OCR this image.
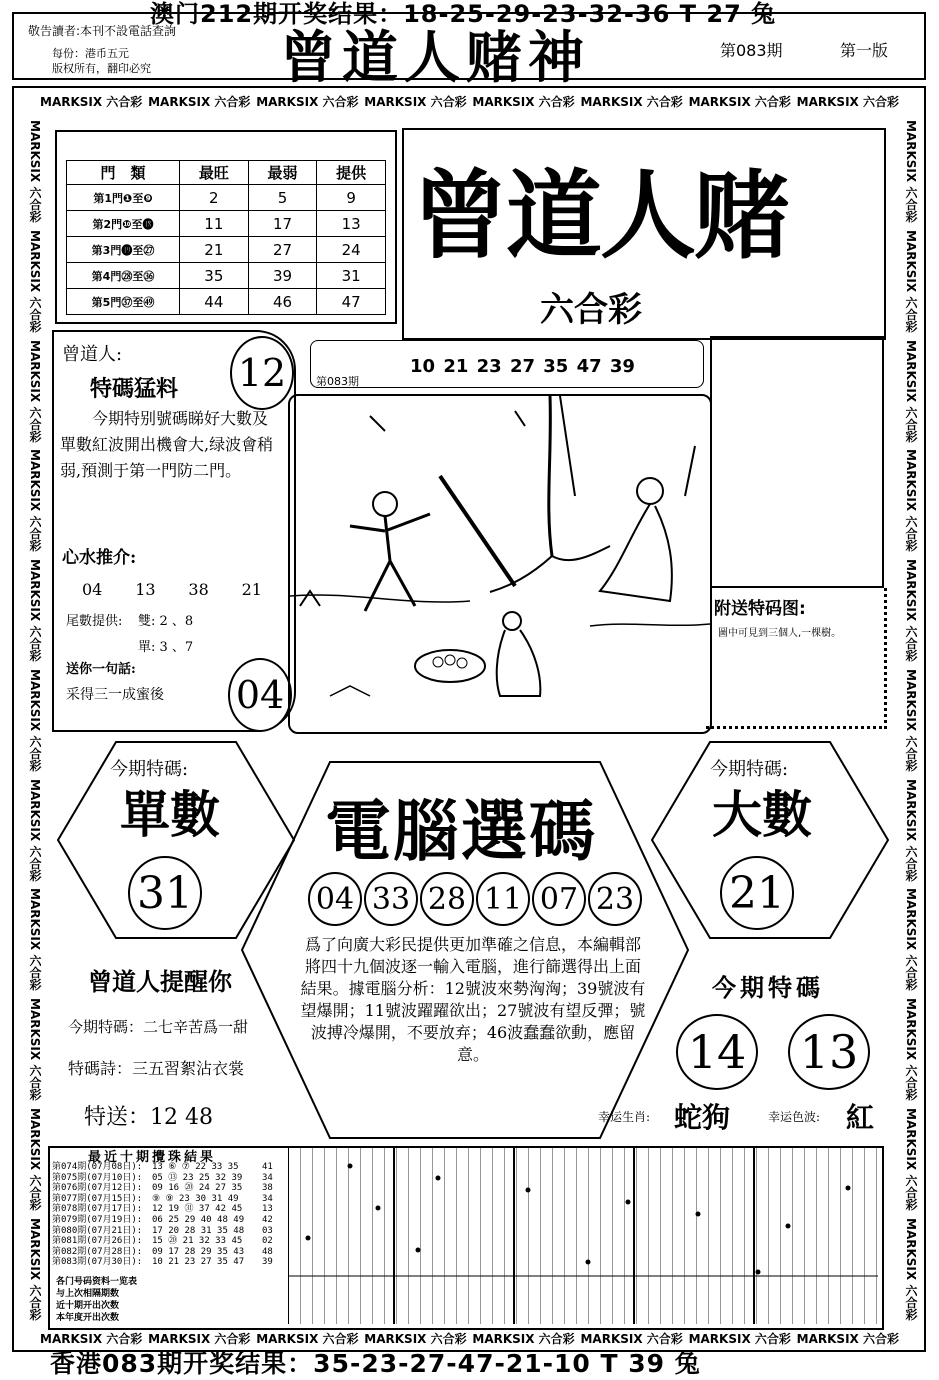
澳门212期开奖结果：18-25-29-23-32-36 T 27 兔
敬告讀者:本刊不設電話查詢
每份：港币五元
版权所有，翻印必究 曾道人赌神	第083期	第一版
MARKSIX 六合彩 MARKSIX 六合彩 MARKSIX 六合彩 MARKSIX 六合彩 MARKSIX 六合彩 MARKSIX 六合彩 MARKSIX 六合彩 MARKSIX 六合彩
MARKSIX 六合彩
MARKSIX 六合彩
MARKSIX 六合彩
MARKSIX 六合彩
MARKSIX 六合彩
MARKSIX 六合彩
MARKSIX 六合彩
MARKSIX 六合彩
MARKSIX 六合彩
MARKSIX 六合彩
MARKSIX 六合彩
MARKSIX 六合彩
MARKSIX 六合彩
MARKSIX 六合彩
MARKSIX 六合彩
MARKSIX 六合彩
MARKSIX 六合彩
MARKSIX 六合彩
MARKSIX 六合彩
MARKSIX 六合彩
MARKSIX 六合彩
MARKSIX 六合彩
MARKSIX 六合彩 MARKSIX 六合彩 MARKSIX 六合彩 MARKSIX 六合彩 MARKSIX 六合彩 MARKSIX 六合彩 MARKSIX 六合彩 MARKSIX 六合彩
門　類	最旺	最弱	提供
第1門❶至❾	2	5	9
第2門❿至⓲	11	17	13
第3門⓳至㉗	21	27	24
第4門㉘至㊱	35	39	31
第5門㊲至㊾	44	46	47
曾道人赌
六合彩
曾道人:
特碼猛料
今期特别號碼睇好大數及單數紅波開出機會大,绿波會稍弱,預測于第一門防二門。
心水推介:
04 13 38 21
尾數提供: 雙: 2 、8
單: 3 、7
送你一句話:
采得三一成蜜後
12
04
第083期
10 21 23 27 35 47 39
附送特码图:
圖中可見到三個人,一棵樹。
今期特碼:
單數
31
今期特碼:
大數
21
電腦選碼
04 33 28 11 07 23
爲了向廣大彩民提供更加準確之信息，本編輯部將四十九個波逐一輸入電腦，進行篩選得出上面結果。據電腦分析：12號波來勢洶洶；39號波有望爆開；11號波躍躍欲出；27號波有望反彈；號波搏冷爆開，不要放弃；46波蠢蠢欲動，應留意。
曾道人提醒你
今期特碼：二七辛苦爲一甜
特碼詩：三五習絮沾衣裳
特送：12 48
今期特碼
14 13
幸运生肖: 蛇狗	幸运色波: 紅
最近十期攪珠結果
第074期(07月08日):	13 ⑥ ⑦ 22 33 35	41
第075期(07月10日):	05 ⑬ 23 25 32 39	34
第076期(07月12日):	09 16 ⑳ 24 27 35	38
第077期(07月15日):	⑨ ⑨ 23 30 31 49	34
第078期(07月17日):	12 19 ㉛ 37 42 45	13
第079期(07月19日):	06 25 29 40 48 49	42
第080期(07月21日):	17 20 28 31 35 48	03
第081期(07月26日):	15 ⑳ 21 32 33 45	02
第082期(07月28日):	09 17 28 29 35 43	48
第083期(07月30日):	10 21 23 27 35 47	39
各门号码资料一览表
与上次相隔期数
近十期开出次数
本年度开出次数
香港083期开奖结果：35-23-27-47-21-10 T 39 兔
